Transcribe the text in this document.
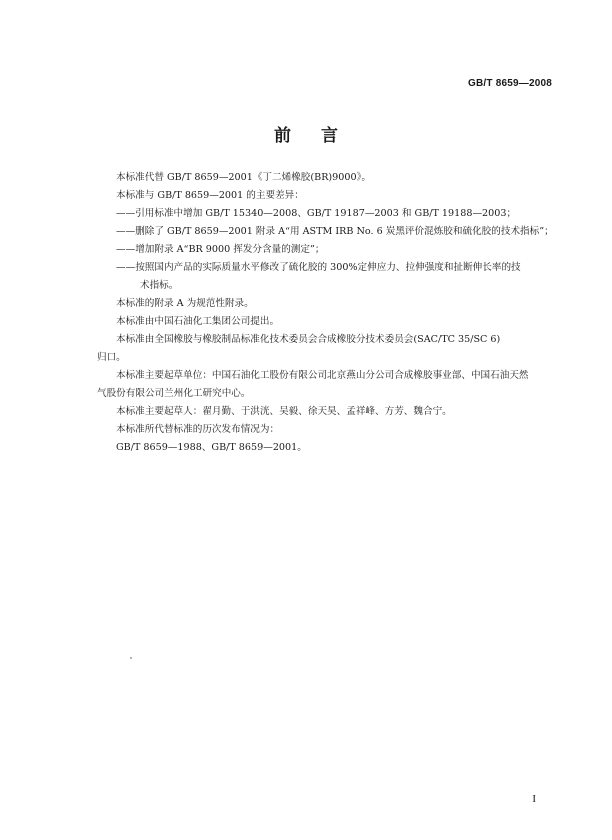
GB/T 8659—2008
前 言
本标准代替 GB/T 8659—2001《丁二烯橡胶(BR)9000》。
本标准与 GB/T 8659—2001 的主要差异：
——引用标准中增加 GB/T 15340—2008、GB/T 19187—2003 和 GB/T 19188—2003；
——删除了 GB/T 8659—2001 附录 A“用 ASTM IRB No. 6 炭黑评价混炼胶和硫化胶的技术指标”；
——增加附录 A“BR 9000 挥发分含量的测定”；
——按照国内产品的实际质量水平修改了硫化胶的 300%定伸应力、拉伸强度和扯断伸长率的技
术指标。
本标准的附录 A 为规范性附录。
本标准由中国石油化工集团公司提出。
本标准由全国橡胶与橡胶制品标准化技术委员会合成橡胶分技术委员会(SAC/TC 35/SC 6)
归口。
本标准主要起草单位：中国石油化工股份有限公司北京燕山分公司合成橡胶事业部、中国石油天然
气股份有限公司兰州化工研究中心。
本标准主要起草人：翟月勤、于洪洸、吴毅、徐天昊、孟祥峰、方芳、魏合宁。
本标准所代替标准的历次发布情况为：
GB/T 8659—1988、GB/T 8659—2001。
I
